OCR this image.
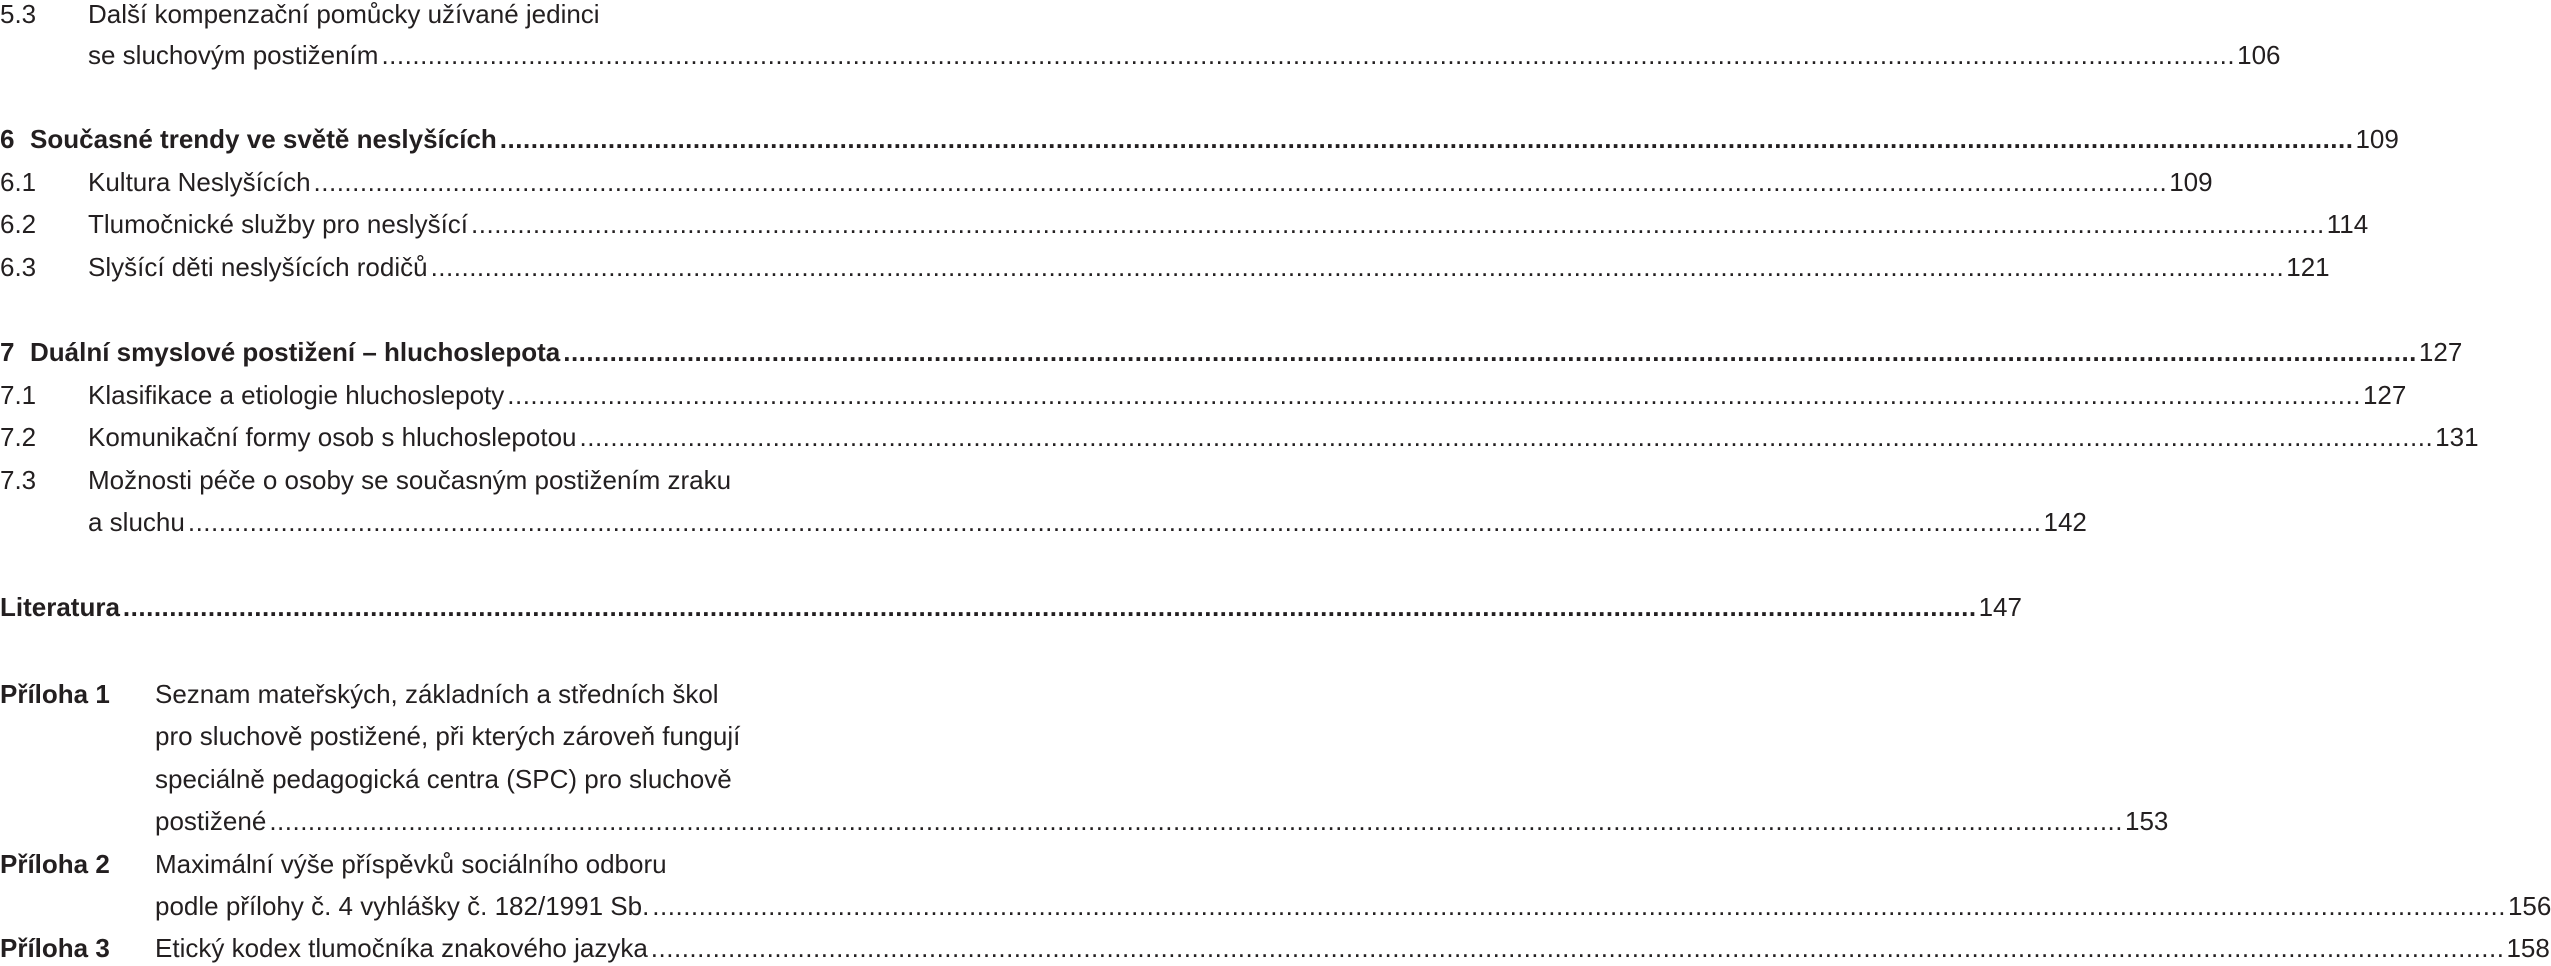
5.3	Další kompenzační pomůcky užívané jedinci
se sluchovým postižením .....	106
6 Současné trendy ve světě neslyšících .....	109
6.1	Kultura Neslyšících .....	109
6.2	Tlumočnické služby pro neslyšící .....	114
6.3	Slyšící děti neslyšících rodičů .....	121
7 Duální smyslové postižení – hluchoslepota .....	127
7.1	Klasifikace a etiologie hluchoslepoty .....	127
7.2	Komunikační formy osob s hluchoslepotou .....	131
7.3	Možnosti péče o osoby se současným postižením zraku
a sluchu .....	142
Literatura .....	147
Příloha 1	Seznam mateřských, základních a středních škol
pro sluchově postižené, při kterých zároveň fungují
speciálně pedagogická centra (SPC) pro sluchově
postižené .....	153
Příloha 2	Maximální výše příspěvků sociálního odboru
podle přílohy č. 4 vyhlášky č. 182/1991 Sb. .....	156
Příloha 3	Etický kodex tlumočníka znakového jazyka .....	158
